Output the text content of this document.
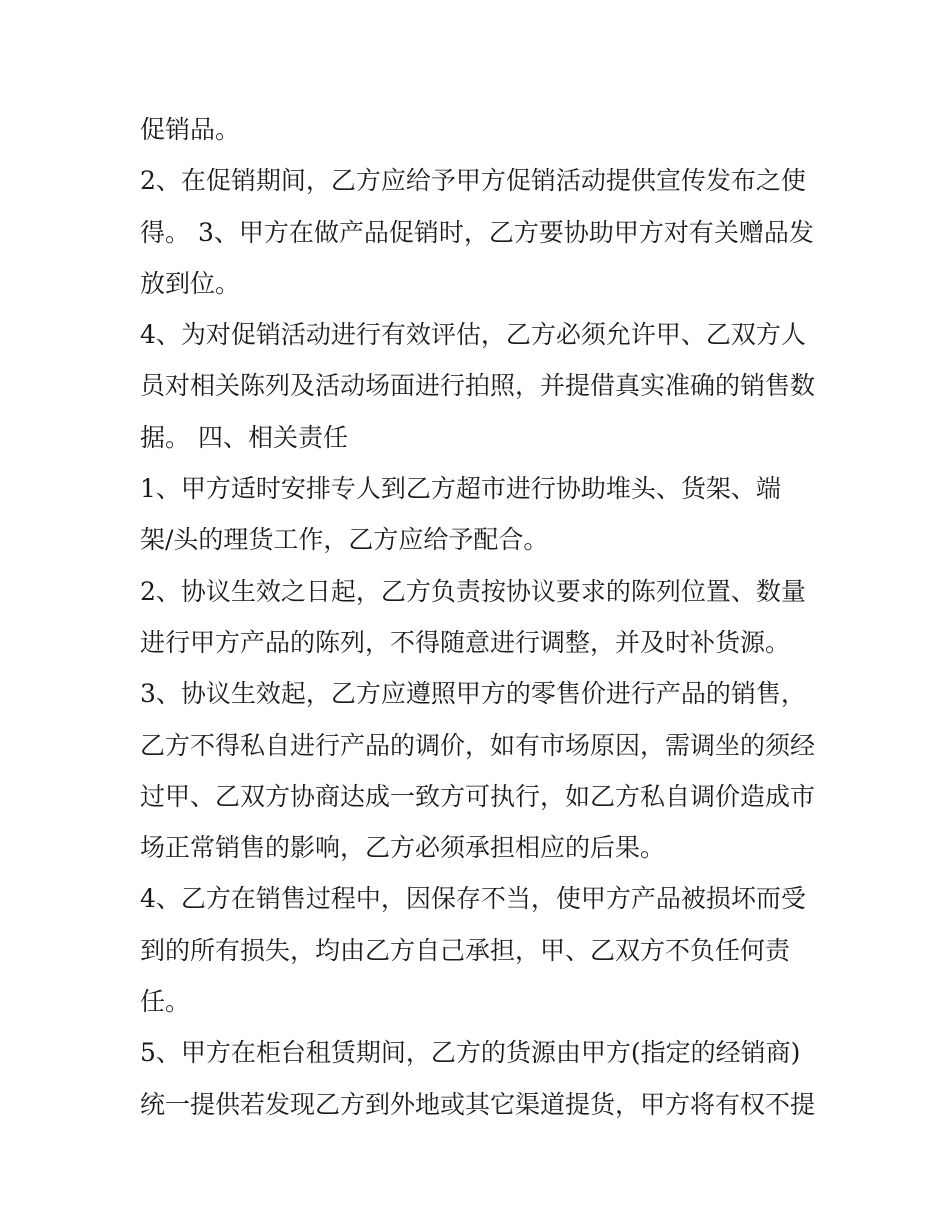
促销品。
2、在促销期间，乙方应给予甲方促销活动提供宣传发布之使
得。 3、甲方在做产品促销时，乙方要协助甲方对有关赠品发
放到位。
4、为对促销活动进行有效评估，乙方必须允许甲、乙双方人
员对相关陈列及活动场面进行拍照，并提借真实准确的销售数
据。 四、相关责任
1、甲方适时安排专人到乙方超市进行协助堆头、货架、端
架/头的理货工作，乙方应给予配合。
2、协议生效之日起，乙方负责按协议要求的陈列位置、数量
进行甲方产品的陈列，不得随意进行调整，并及时补货源。
3、协议生效起，乙方应遵照甲方的零售价进行产品的销售，
乙方不得私自进行产品的调价，如有市场原因，需调坐的须经
过甲、乙双方协商达成一致方可执行，如乙方私自调价造成市
场正常销售的影响，乙方必须承担相应的后果。
4、乙方在销售过程中，因保存不当，使甲方产品被损坏而受
到的所有损失，均由乙方自己承担，甲、乙双方不负任何责
任。
5、甲方在柜台租赁期间，乙方的货源由甲方(指定的经销商)
统一提供若发现乙方到外地或其它渠道提货，甲方将有权不提
